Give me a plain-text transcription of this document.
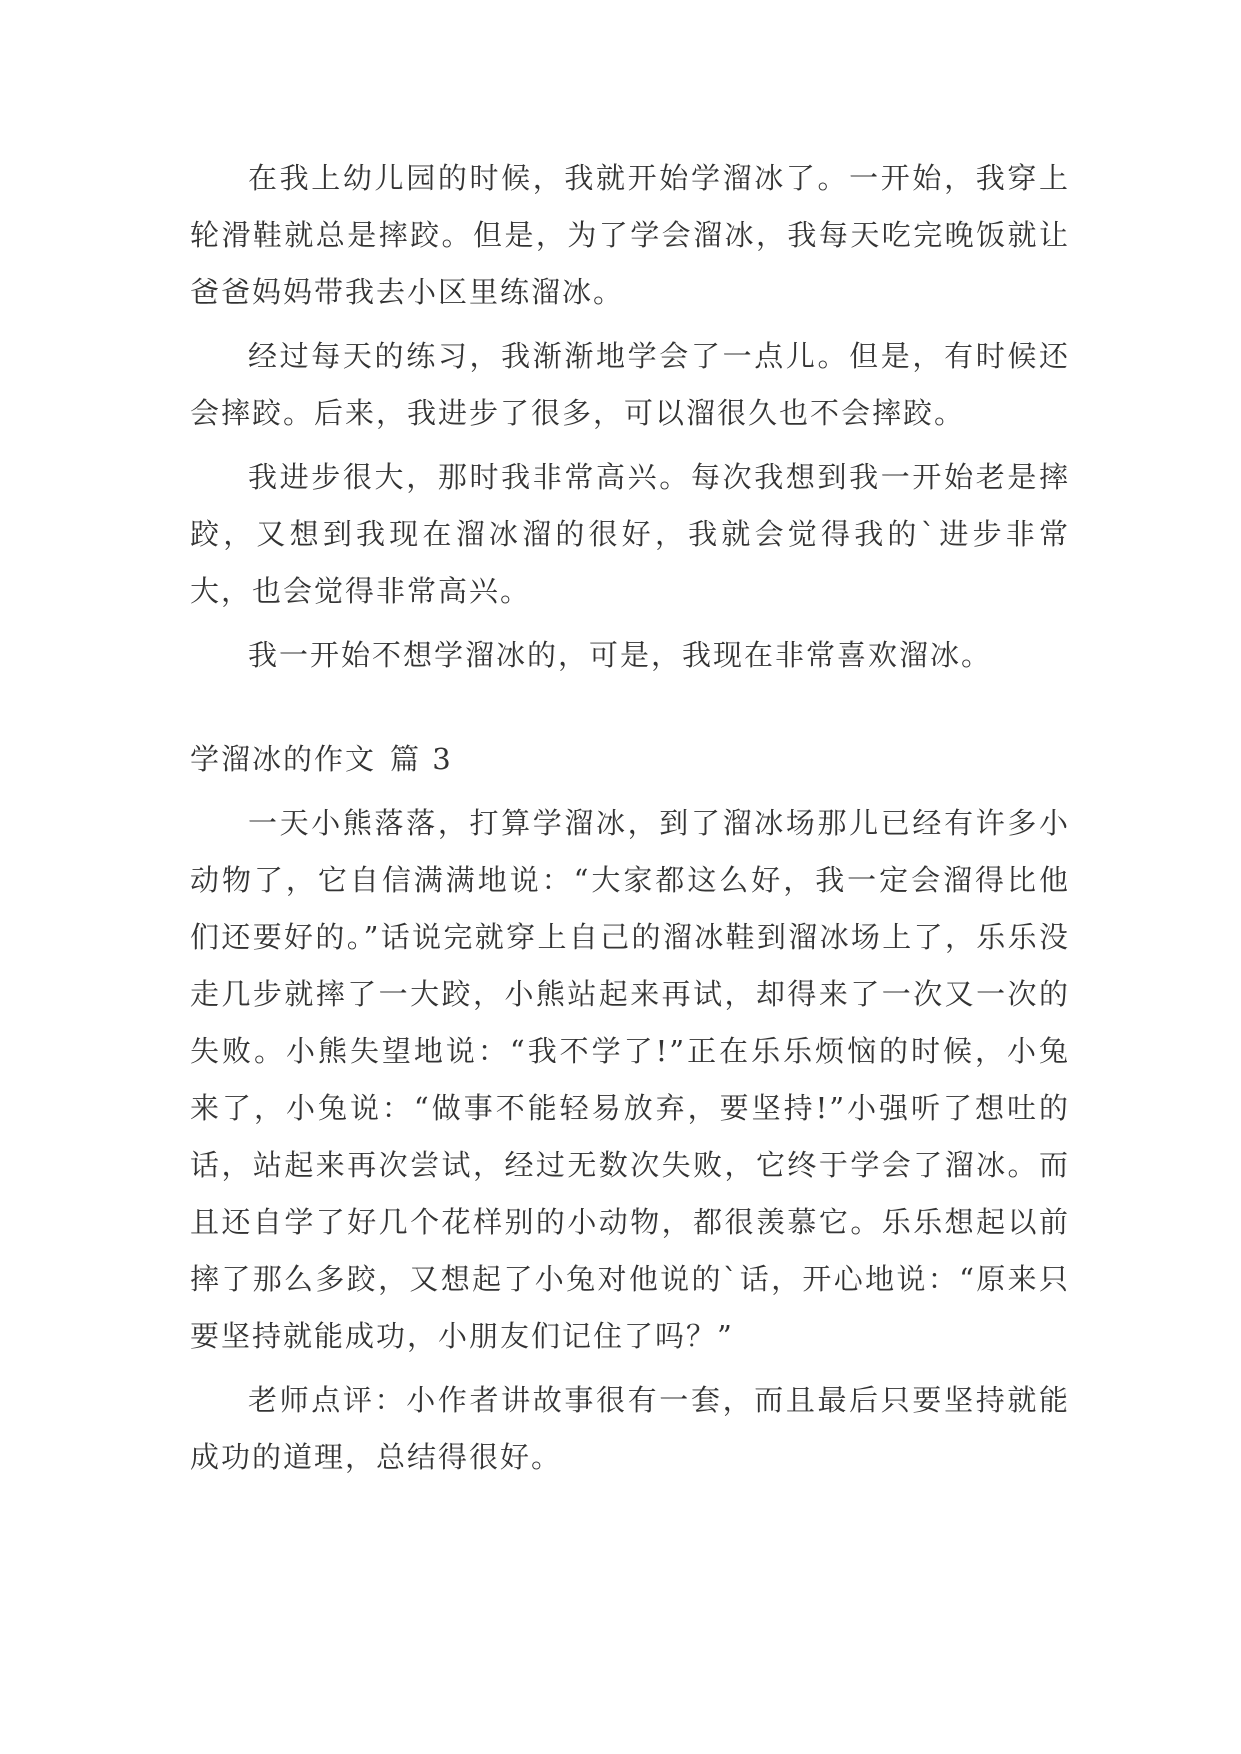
在我上幼儿园的时候，我就开始学溜冰了。一开始，我穿上轮滑鞋就总是摔跤。但是，为了学会溜冰，我每天吃完晚饭就让爸爸妈妈带我去小区里练溜冰。

经过每天的练习，我渐渐地学会了一点儿。但是，有时候还会摔跤。后来，我进步了很多，可以溜很久也不会摔跤。

我进步很大，那时我非常高兴。每次我想到我一开始老是摔跤，又想到我现在溜冰溜的很好，我就会觉得我的`进步非常大，也会觉得非常高兴。

我一开始不想学溜冰的，可是，我现在非常喜欢溜冰。

学溜冰的作文 篇 3

一天小熊落落，打算学溜冰，到了溜冰场那儿已经有许多小动物了，它自信满满地说：“大家都这么好，我一定会溜得比他们还要好的。”话说完就穿上自己的溜冰鞋到溜冰场上了，乐乐没走几步就摔了一大跤，小熊站起来再试，却得来了一次又一次的失败。小熊失望地说：“我不学了!”正在乐乐烦恼的时候，小兔来了，小兔说：“做事不能轻易放弃，要坚持!”小强听了想吐的话，站起来再次尝试，经过无数次失败，它终于学会了溜冰。而且还自学了好几个花样别的小动物，都很羡慕它。乐乐想起以前摔了那么多跤，又想起了小兔对他说的`话，开心地说：“原来只要坚持就能成功，小朋友们记住了吗？”

老师点评：小作者讲故事很有一套，而且最后只要坚持就能成功的道理，总结得很好。
